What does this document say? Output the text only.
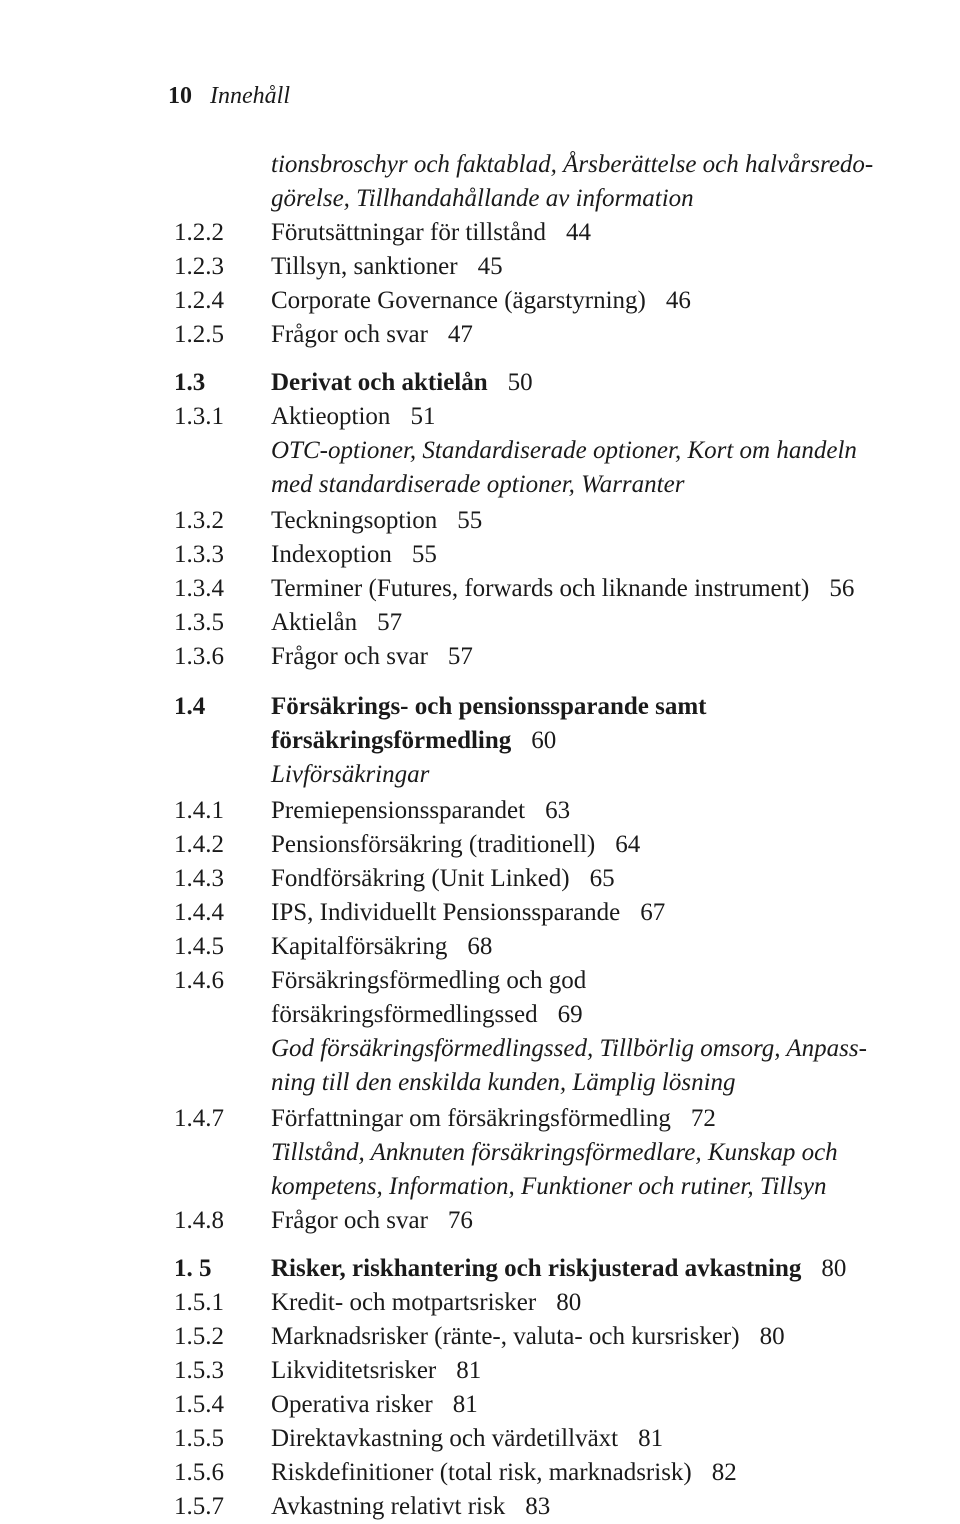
10 Innehåll
tionsbroschyr och faktablad, Årsberättelse och halvårsredo-
görelse, Tillhandahållande av information
1.2.2 Förutsättningar för tillstånd 44
1.2.3 Tillsyn, sanktioner 45
1.2.4 Corporate Governance (ägarstyrning) 46
1.2.5 Frågor och svar 47
1.3	Derivat och aktielån 50
1.3.1 Aktieoption 51
OTC-optioner, Standardiserade optioner, Kort om handeln
med standardiserade optioner, Warranter
1.3.2 Teckningsoption 55
1.3.3 Indexoption 55
1.3.4 Terminer (Futures, forwards och liknande instrument) 56
1.3.5 Aktielån 57
1.3.6 Frågor och svar 57
1.4	Försäkrings- och pensionssparande samt
försäkringsförmedling 60
Livförsäkringar
1.4.1 Premiepensionssparandet 63
1.4.2 Pensionsförsäkring (traditionell) 64
1.4.3 Fondförsäkring (Unit Linked) 65
1.4.4 IPS, Individuellt Pensionssparande 67
1.4.5 Kapitalförsäkring 68
1.4.6 Försäkringsförmedling och god
försäkringsförmedlingssed 69
God försäkringsförmedlingssed, Tillbörlig omsorg, Anpass-
ning till den enskilda kunden, Lämplig lösning
1.4.7 Författningar om försäkringsförmedling 72
Tillstånd, Anknuten försäkringsförmedlare, Kunskap och
kompetens, Information, Funktioner och rutiner, Tillsyn
1.4.8 Frågor och svar 76
1. 5 Risker, riskhantering och riskjusterad avkastning 80
1.5.1 Kredit- och motpartsrisker 80
1.5.2 Marknadsrisker (ränte-, valuta- och kursrisker) 80
1.5.3 Likviditetsrisker 81
1.5.4 Operativa risker 81
1.5.5 Direktavkastning och värdetillväxt 81
1.5.6 Riskdefinitioner (total risk, marknadsrisk) 82
1.5.7 Avkastning relativt risk 83
